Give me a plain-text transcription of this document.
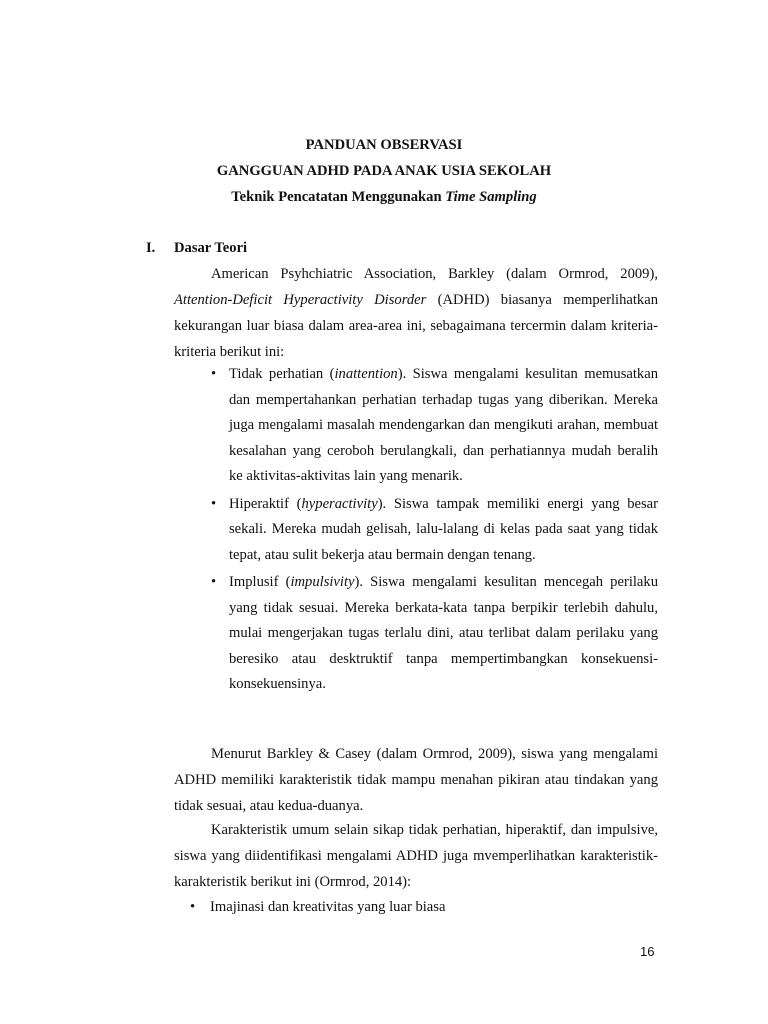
PANDUAN OBSERVASI
GANGGUAN ADHD PADA ANAK USIA SEKOLAH
Teknik Pencatatan Menggunakan Time Sampling
I. Dasar Teori
American Psyhchiatric Association, Barkley (dalam Ormrod, 2009), Attention-Deficit Hyperactivity Disorder (ADHD) biasanya memperlihatkan kekurangan luar biasa dalam area-area ini, sebagaimana tercermin dalam kriteria-kriteria berikut ini:
• Tidak perhatian (inattention). Siswa mengalami kesulitan memusatkan dan mempertahankan perhatian terhadap tugas yang diberikan. Mereka juga mengalami masalah mendengarkan dan mengikuti arahan, membuat kesalahan yang ceroboh berulangkali, dan perhatiannya mudah beralih ke aktivitas-aktivitas lain yang menarik.
• Hiperaktif (hyperactivity). Siswa tampak memiliki energi yang besar sekali. Mereka mudah gelisah, lalu-lalang di kelas pada saat yang tidak tepat, atau sulit bekerja atau bermain dengan tenang.
• Implusif (impulsivity). Siswa mengalami kesulitan mencegah perilaku yang tidak sesuai. Mereka berkata-kata tanpa berpikir terlebih dahulu, mulai mengerjakan tugas terlalu dini, atau terlibat dalam perilaku yang beresiko atau desktruktif tanpa mempertimbangkan konsekuensi-konsekuensinya.
Menurut Barkley & Casey (dalam Ormrod, 2009), siswa yang mengalami ADHD memiliki karakteristik tidak mampu menahan pikiran atau tindakan yang tidak sesuai, atau kedua-duanya.
Karakteristik umum selain sikap tidak perhatian, hiperaktif, dan impulsive, siswa yang diidentifikasi mengalami ADHD juga mvemperlihatkan karakteristik-karakteristik berikut ini (Ormrod, 2014):
• Imajinasi dan kreativitas yang luar biasa
16
